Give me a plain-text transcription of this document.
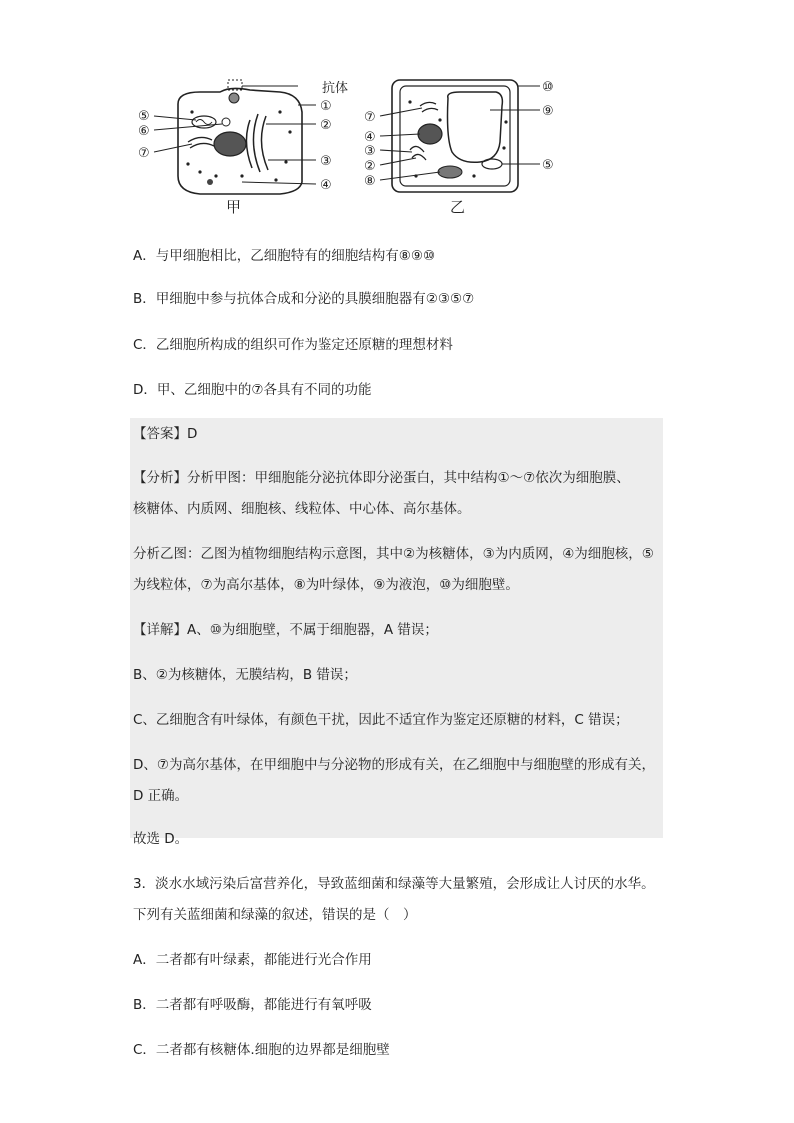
抗体
①
②
③
④
⑤
⑥
⑦
甲
⑩
⑨
⑦
④
③
②
⑧
⑤
乙
A．与甲细胞相比，乙细胞特有的细胞结构有⑧⑨⑩
B．甲细胞中参与抗体合成和分泌的具膜细胞器有②③⑤⑦
C．乙细胞所构成的组织可作为鉴定还原糖的理想材料
D．甲、乙细胞中的⑦各具有不同的功能
【答案】D
【分析】分析甲图：甲细胞能分泌抗体即分泌蛋白，其中结构①～⑦依次为细胞膜、
核糖体、内质网、细胞核、线粒体、中心体、高尔基体。
分析乙图：乙图为植物细胞结构示意图，其中②为核糖体，③为内质网，④为细胞核，⑤
为线粒体，⑦为高尔基体，⑧为叶绿体，⑨为液泡，⑩为细胞壁。
【详解】A、⑩为细胞壁，不属于细胞器，A 错误；
B、②为核糖体，无膜结构，B 错误；
C、乙细胞含有叶绿体，有颜色干扰，因此不适宜作为鉴定还原糖的材料，C 错误；
D、⑦为高尔基体，在甲细胞中与分泌物的形成有关，在乙细胞中与细胞壁的形成有关，
D 正确。
故选 D。
3．淡水水域污染后富营养化，导致蓝细菌和绿藻等大量繁殖，会形成让人讨厌的水华。
下列有关蓝细菌和绿藻的叙述，错误的是（　）
A．二者都有叶绿素，都能进行光合作用
B．二者都有呼吸酶，都能进行有氧呼吸
C．二者都有核糖体.细胞的边界都是细胞壁
